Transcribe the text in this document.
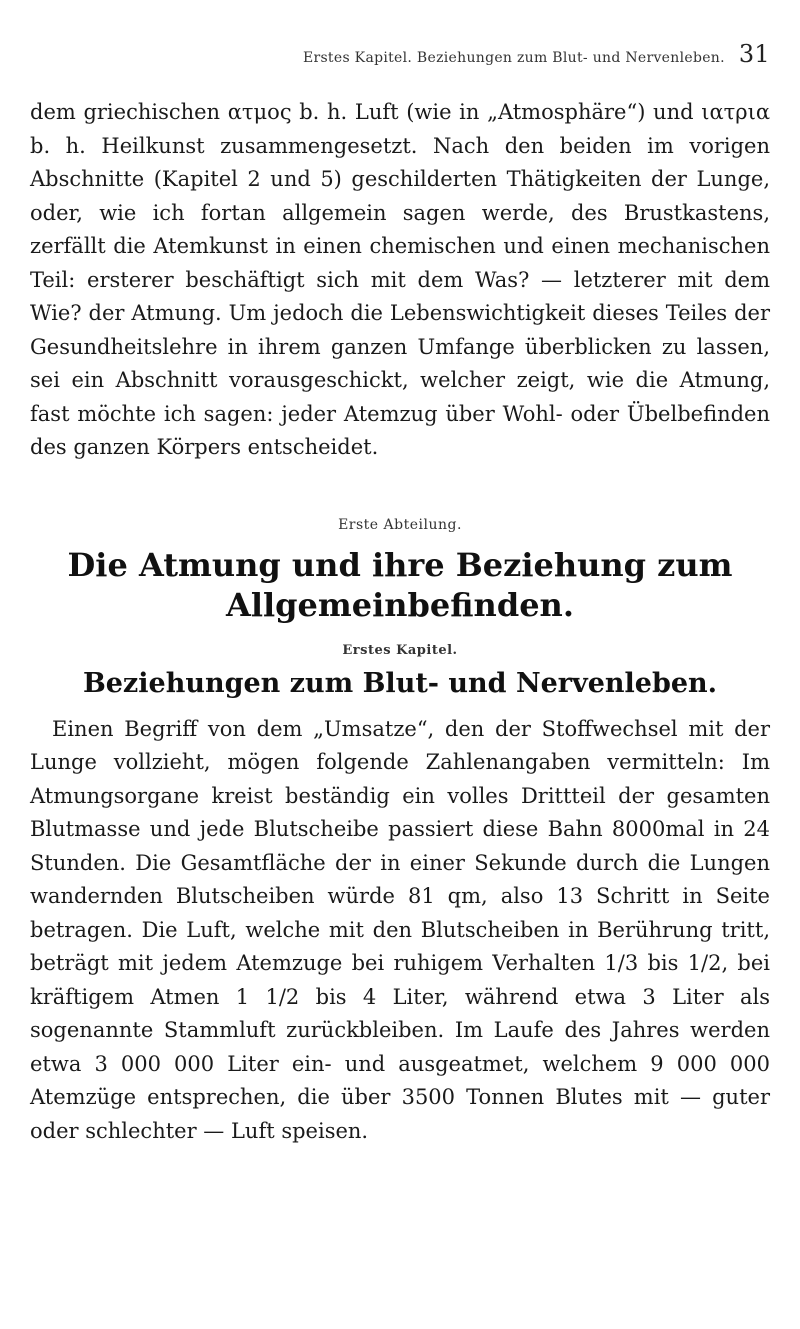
Erstes Kapitel. Beziehungen zum Blut- und Nervenleben. 31

dem griechischen ατμος b. h. Luft (wie in „Atmosphäre“) und ιατρια b. h. Heilkunst zusammengesetzt. Nach den beiden im vorigen Abschnitte (Kapitel 2 und 5) geschilderten Thätigkeiten der Lunge, oder, wie ich fortan allgemein sagen werde, des Brustkastens, zerfällt die Atemkunst in einen chemischen und einen mechanischen Teil: ersterer beschäftigt sich mit dem Was? — letzterer mit dem Wie? der Atmung. Um jedoch die Lebenswichtigkeit dieses Teiles der Gesundheitslehre in ihrem ganzen Umfange überblicken zu lassen, sei ein Abschnitt vorausgeschickt, welcher zeigt, wie die Atmung, fast möchte ich sagen: jeder Atemzug über Wohl- oder Übelbefinden des ganzen Körpers entscheidet.

Erste Abteilung.
Die Atmung und ihre Beziehung zum
Allgemeinbefinden.
Erstes Kapitel.
Beziehungen zum Blut- und Nervenleben.

Einen Begriff von dem „Umsatze“, den der Stoffwechsel mit der Lunge vollzieht, mögen folgende Zahlenangaben vermitteln: Im Atmungsorgane kreist beständig ein volles Drittteil der gesamten Blutmasse und jede Blutscheibe passiert diese Bahn 8000mal in 24 Stunden. Die Gesamtfläche der in einer Sekunde durch die Lungen wandernden Blutscheiben würde 81 qm, also 13 Schritt in Seite betragen. Die Luft, welche mit den Blutscheiben in Berührung tritt, beträgt mit jedem Atemzuge bei ruhigem Verhalten 1/3 bis 1/2, bei kräftigem Atmen 1 1/2 bis 4 Liter, während etwa 3 Liter als sogenannte Stammluft zurückbleiben. Im Laufe des Jahres werden etwa 3 000 000 Liter ein- und ausgeatmet, welchem 9 000 000 Atemzüge entsprechen, die über 3500 Tonnen Blutes mit — guter oder schlechter — Luft speisen.
